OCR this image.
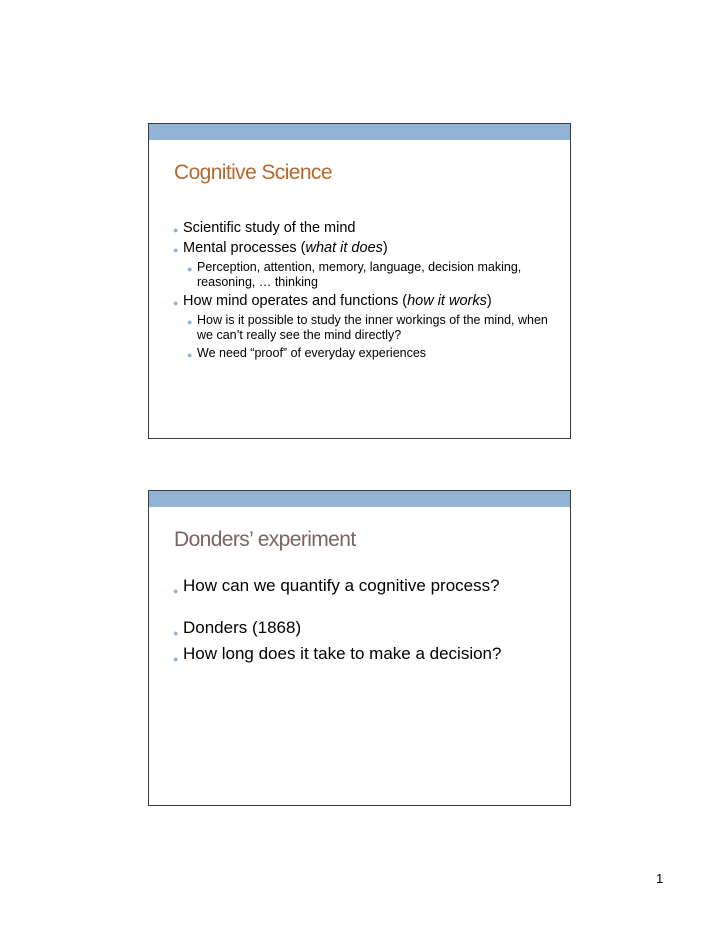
Cognitive Science
● Scientific study of the mind
● Mental processes (what it does)
● Perception, attention, memory, language, decision making, reasoning, … thinking
● How mind operates and functions (how it works)
● How is it possible to study the inner workings of the mind, when we can’t really see the mind directly?
● We need “proof” of everyday experiences
Donders’ experiment
● How can we quantify a cognitive process?
● Donders (1868)
● How long does it take to make a decision?
1
